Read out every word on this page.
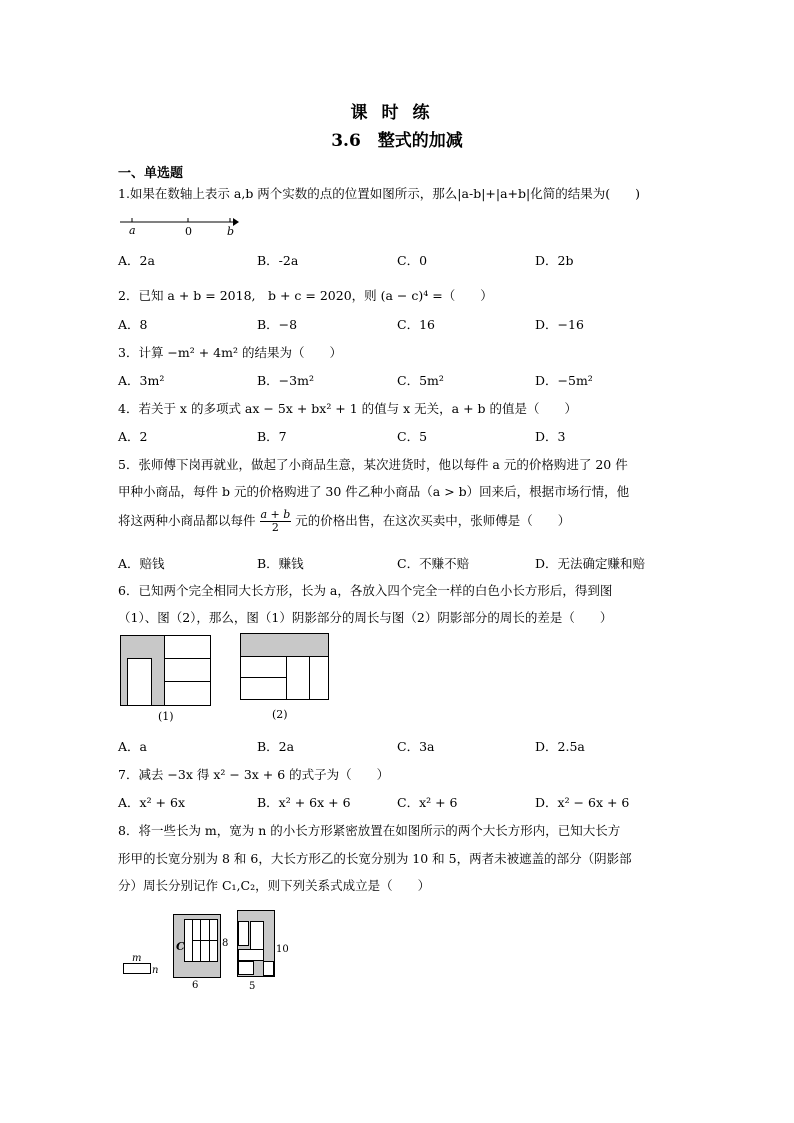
课时练
3.6　整式的加减
一、单选题
1.如果在数轴上表示 a,b 两个实数的点的位置如图所示，那么|a-b|+|a+b|化简的结果为(　　)
a	0	b
A．2a	B．-2a	C．0	D．2b
2．已知 a + b = 2018,　b + c = 2020，则 (a − c)⁴ =（　　）
A．8	B．−8	C．16	D．−16
3．计算 −m² + 4m² 的结果为（　　）
A．3m²	B．−3m²	C．5m²	D．−5m²
4．若关于 x 的多项式 ax − 5x + bx² + 1 的值与 x 无关，a + b 的值是（　　）
A．2	B．7	C．5	D．3
5．张师傅下岗再就业，做起了小商品生意，某次进货时，他以每件 a 元的价格购进了 20 件
甲种小商品，每件 b 元的价格购进了 30 件乙种小商品（a > b）回来后，根据市场行情，他
将这两种小商品都以每件 $\frac{a + b}{2}$ 元的价格出售，在这次买卖中，张师傅是（　　）
A．赔钱	B．赚钱	C．不赚不赔	D．无法确定赚和赔
6．已知两个完全相同大长方形，长为 a，各放入四个完全一样的白色小长方形后，得到图
（1）、图（2），那么，图（1）阴影部分的周长与图（2）阴影部分的周长的差是（　　）
(1)	(2)
A．a	B．2a	C．3a	D．2.5a
7．减去 −3x 得 x² − 3x + 6 的式子为（　　）
A．x² + 6x	B．x² + 6x + 6	C．x² + 6	D．x² − 6x + 6
8．将一些长为 m，宽为 n 的小长方形紧密放置在如图所示的两个大长方形内，已知大长方
形甲的长宽分别为 8 和 6，大长方形乙的长宽分别为 10 和 5，两者未被遮盖的部分（阴影部
分）周长分别记作 C₁,C₂，则下列关系式成立是（　　）
m
n
C	8
6
10
5
